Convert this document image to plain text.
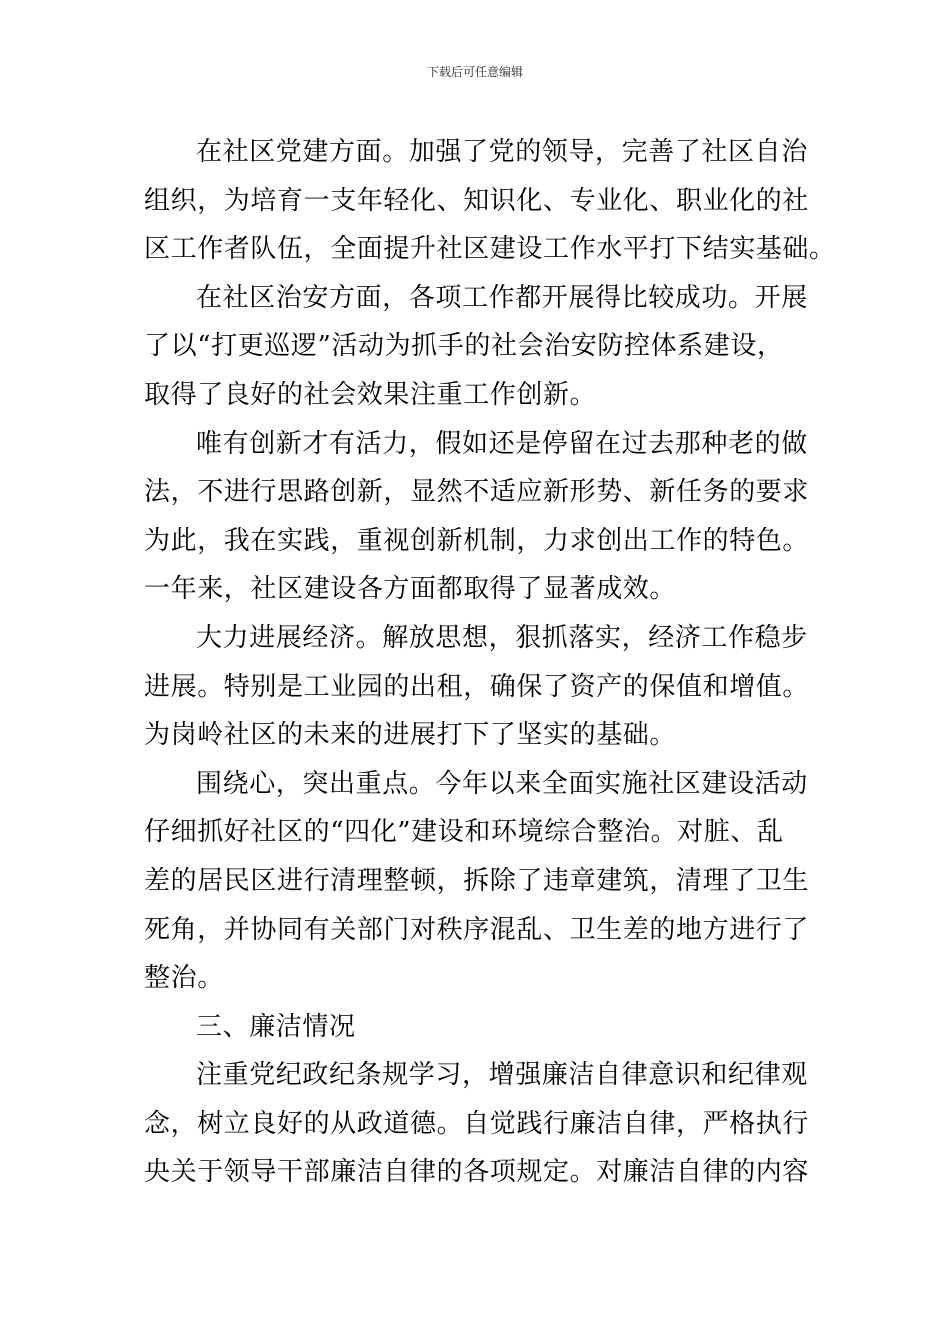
下载后可任意编辑

在社区党建方面。加强了党的领导，完善了社区自治
组织，为培育一支年轻化、知识化、专业化、职业化的社
区工作者队伍，全面提升社区建设工作水平打下结实基础。

在社区治安方面，各项工作都开展得比较成功。开展
了以“打更巡逻”活动为抓手的社会治安防控体系建设，
取得了良好的社会效果注重工作创新。

唯有创新才有活力，假如还是停留在过去那种老的做
法，不进行思路创新，显然不适应新形势、新任务的要求
为此，我在实践，重视创新机制，力求创出工作的特色。
一年来，社区建设各方面都取得了显著成效。

大力进展经济。解放思想，狠抓落实，经济工作稳步
进展。特别是工业园的出租，确保了资产的保值和增值。
为岗岭社区的未来的进展打下了坚实的基础。

围绕心，突出重点。今年以来全面实施社区建设活动
仔细抓好社区的“四化”建设和环境综合整治。对脏、乱
差的居民区进行清理整顿，拆除了违章建筑，清理了卫生
死角，并协同有关部门对秩序混乱、卫生差的地方进行了
整治。

三、廉洁情况

注重党纪政纪条规学习，增强廉洁自律意识和纪律观
念，树立良好的从政道德。自觉践行廉洁自律，严格执行
央关于领导干部廉洁自律的各项规定。对廉洁自律的内容
